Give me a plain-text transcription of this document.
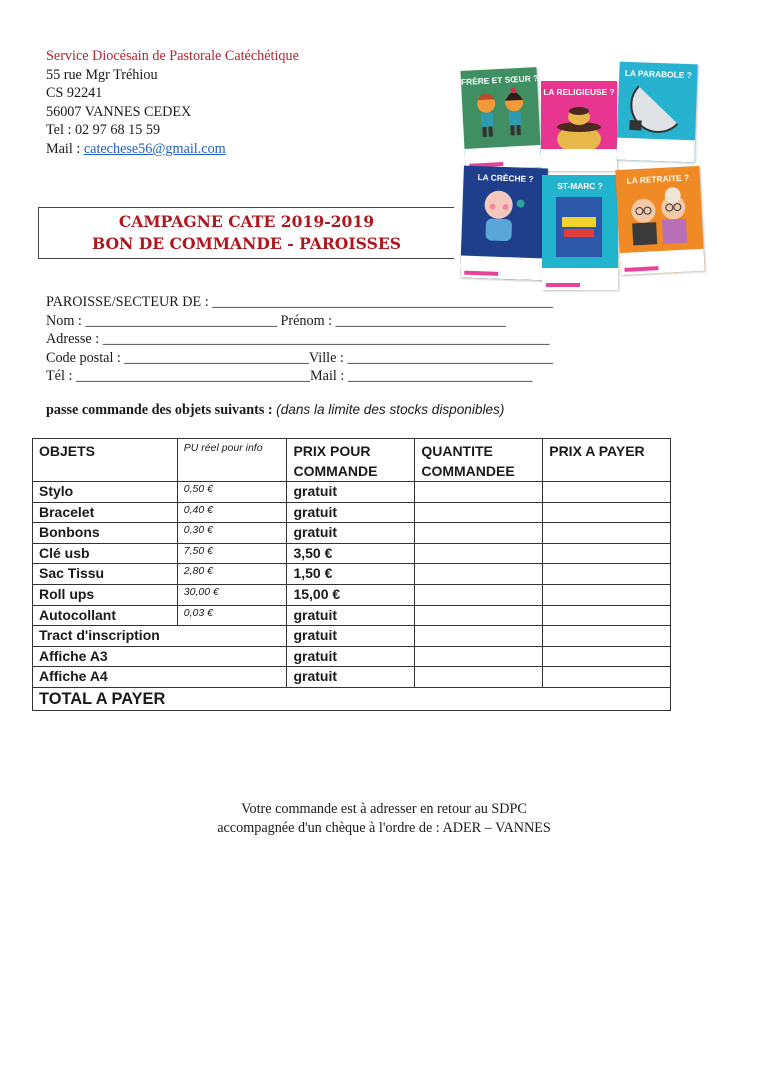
Service Diocésain de Pastorale Catéchétique
55 rue Mgr Tréhiou
CS 92241
56007 VANNES CEDEX
Tel : 02 97 68 15 59
Mail : catechese56@gmail.com
CAMPAGNE CATE 2019-2019
BON DE COMMANDE - PAROISSES
FRÈRE ET SŒUR ?
LA RELIGIEUSE ?
LA PARABOLE ?
LA CRÈCHE ?
ST-MARC ?
LA RETRAITE ?
PAROISSE/SECTEUR DE : ________________________________________________
Nom : ___________________________ Prénom : ________________________
Adresse : _______________________________________________________________
Code postal : __________________________Ville : _____________________________
Tél : _________________________________Mail : __________________________
passe commande des objets suivants : (dans la limite des stocks disponibles)
OBJETS	PU réel pour info	PRIX POUR COMMANDE	QUANTITE COMMANDEE	PRIX A PAYER
Stylo	0,50 €	gratuit		
Bracelet	0,40 €	gratuit		
Bonbons	0,30 €	gratuit		
Clé usb	7,50 €	3,50 €		
Sac Tissu	2,80 €	1,50 €		
Roll ups	30,00 €	15,00 €		
Autocollant	0,03 €	gratuit		
Tract d'inscription		gratuit		
Affiche A3		gratuit		
Affiche A4		gratuit		
TOTAL A PAYER				
Votre commande est à adresser en retour au SDPC
accompagnée d'un chèque à l'ordre de : ADER – VANNES
